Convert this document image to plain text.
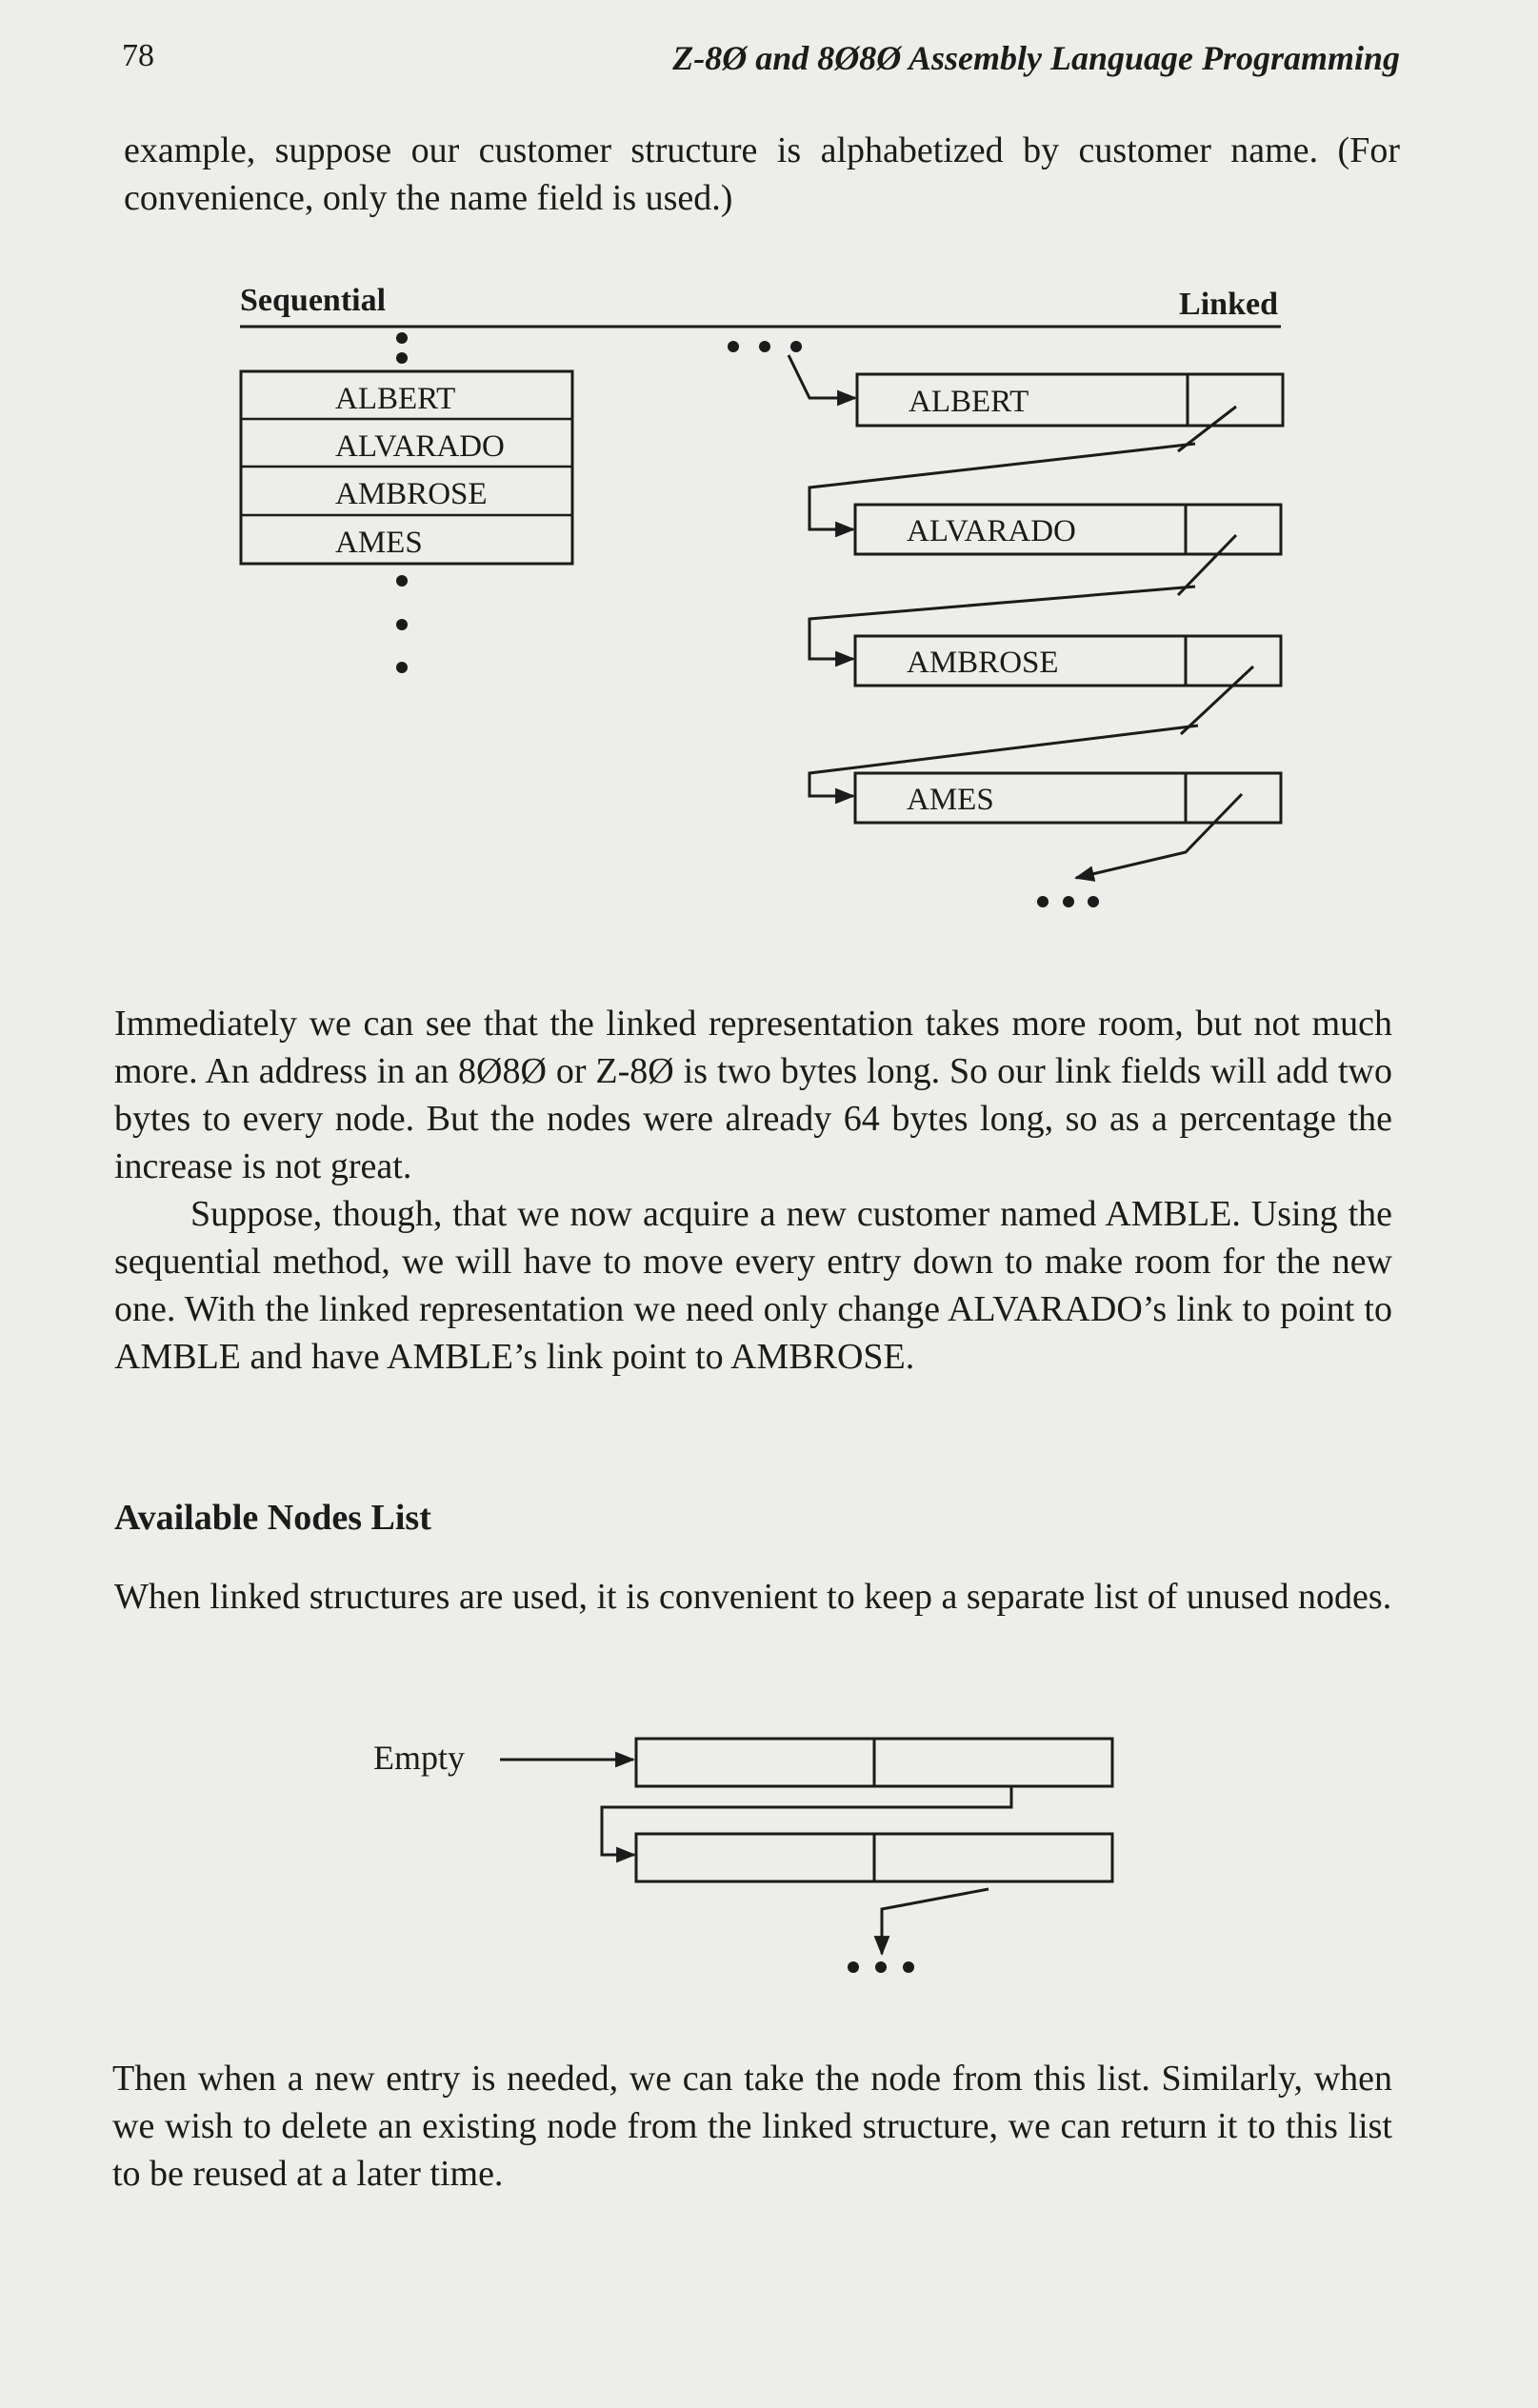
78	Z-8Ø and 8Ø8Ø Assembly Language Programming

example, suppose our customer structure is alphabetized by customer name. (For convenience, only the name field is used.)

Sequential	Linked
ALBERT
ALVARADO
AMBROSE
AMES
ALBERT
ALVARADO
AMBROSE
AMES
Empty

Immediately we can see that the linked representation takes more room, but not much more. An address in an 8Ø8Ø or Z-8Ø is two bytes long. So our link fields will add two bytes to every node. But the nodes were already 64 bytes long, so as a percentage the increase is not great.

Suppose, though, that we now acquire a new customer named AMBLE. Using the sequential method, we will have to move every entry down to make room for the new one. With the linked representation we need only change ALVARADO’s link to point to AMBLE and have AMBLE’s link point to AMBROSE.

Available Nodes List

When linked structures are used, it is convenient to keep a separate list of unused nodes.

Then when a new entry is needed, we can take the node from this list. Similarly, when we wish to delete an existing node from the linked structure, we can return it to this list to be reused at a later time.
